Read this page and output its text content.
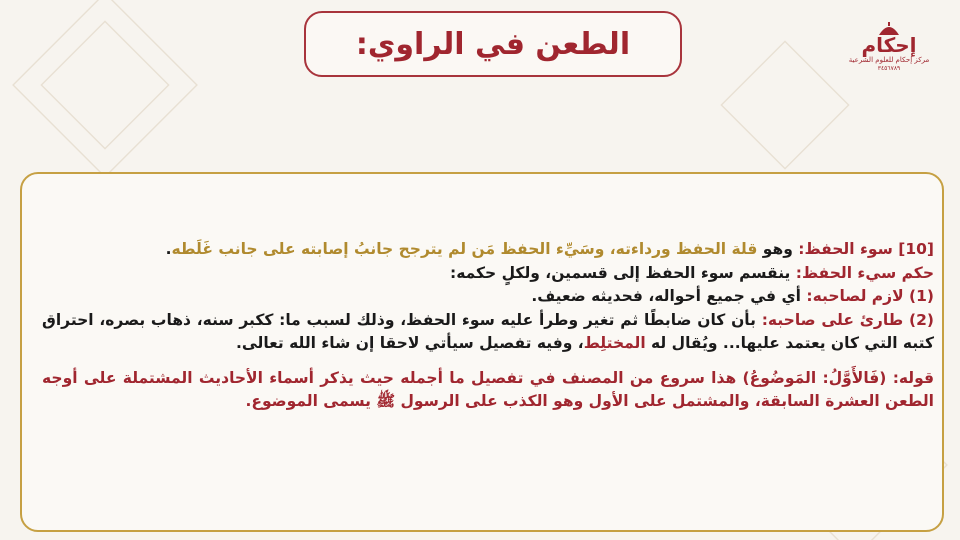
الطعن في الراوي:	إحكام
مركز إحكام للعلوم الشرعية
٣٤٥٦٧٨٩

[10] سوء الحفظ: وهو قلة الحفظ ورداءته، وسَيِّء الحفظ مَن لم يترجح جانبُ إصابته على جانب غَلَطه.

حكم سيء الحفظ: ينقسم سوء الحفظ إلى قسمين، ولكلٍ حكمه:

(1) لازم لصاحبه: أي في جميع أحواله، فحديثه ضعيف.

(2) طارئ على صاحبه: بأن كان ضابطًا ثم تغير وطرأ عليه سوء الحفظ، وذلك لسبب ما: ككبر سنه، ذهاب بصره، احتراق كتبه التي كان يعتمد عليها... ويُقال له المختلِط، وفيه تفصيل سيأتي لاحقا إن شاء الله تعالى.

قوله: (فَالأَوَّلُ: المَوضُوعُ) هذا سروع من المصنف في تفصيل ما أجمله حيث يذكر أسماء الأحاديث المشتملة على أوجه الطعن العشرة السابقة، والمشتمل على الأول وهو الكذب على الرسول ﷺ يسمى الموضوع.
